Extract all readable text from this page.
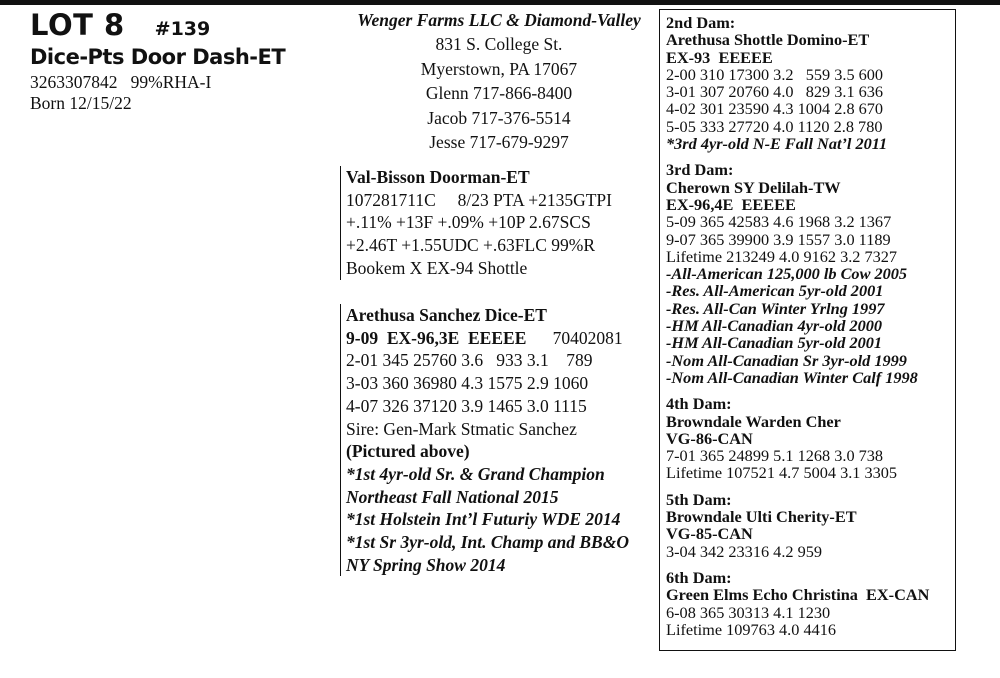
LOT 8 #139
Dice-Pts Door Dash-ET
3263307842   99%RHA-I
Born 12/15/22
Wenger Farms LLC & Diamond-Valley
831 S. College St.
Myerstown, PA 17067
Glenn 717-866-8400
Jacob 717-376-5514
Jesse 717-679-9297
Val-Bisson Doorman-ET
107281711C     8/23 PTA +2135GTPI
+.11% +13F +.09% +10P 2.67SCS
+2.46T +1.55UDC +.63FLC 99%R
Bookem X EX-94 Shottle
Arethusa Sanchez Dice-ET
9-09  EX-96,3E  EEEEE 70402081
2-01 345 25760 3.6   933 3.1    789
3-03 360 36980 4.3 1575 2.9 1060
4-07 326 37120 3.9 1465 3.0 1115
Sire: Gen-Mark Stmatic Sanchez
(Pictured above)
*1st 4yr-old Sr. & Grand Champion
Northeast Fall National 2015
*1st Holstein Int’l Futuriy WDE 2014
*1st Sr 3yr-old, Int. Champ and BB&O
NY Spring Show 2014
2nd Dam:
Arethusa Shottle Domino-ET
EX-93  EEEEE
2-00 310 17300 3.2   559 3.5 600
3-01 307 20760 4.0   829 3.1 636
4-02 301 23590 4.3 1004 2.8 670
5-05 333 27720 4.0 1120 2.8 780
*3rd 4yr-old N-E Fall Nat’l 2011
3rd Dam:
Cherown SY Delilah-TW
EX-96,4E  EEEEE
5-09 365 42583 4.6 1968 3.2 1367
9-07 365 39900 3.9 1557 3.0 1189
Lifetime 213249 4.0 9162 3.2 7327
-All-American 125,000 lb Cow 2005
-Res. All-American 5yr-old 2001
-Res. All-Can Winter Yrlng 1997
-HM All-Canadian 4yr-old 2000
-HM All-Canadian 5yr-old 2001
-Nom All-Canadian Sr 3yr-old 1999
-Nom All-Canadian Winter Calf 1998
4th Dam:
Browndale Warden Cher
VG-86-CAN
7-01 365 24899 5.1 1268 3.0 738
Lifetime 107521 4.7 5004 3.1 3305
5th Dam:
Browndale Ulti Cherity-ET
VG-85-CAN
3-04 342 23316 4.2 959
6th Dam:
Green Elms Echo Christina  EX-CAN
6-08 365 30313 4.1 1230
Lifetime 109763 4.0 4416
